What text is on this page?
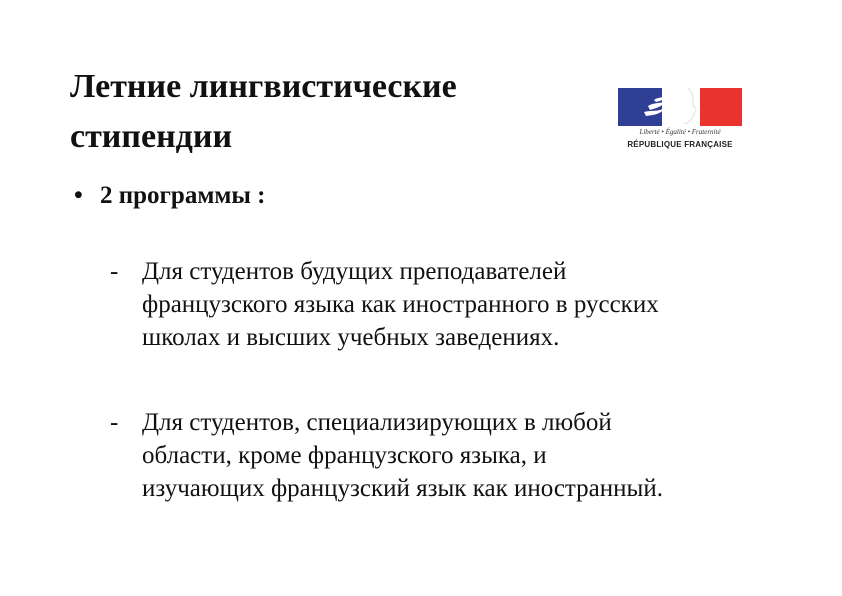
Летние лингвистические
стипендии	Liberté • Égalité • Fraternité
RÉPUBLIQUE FRANÇAISE
• 2 программы :
- Для студентов будущих преподавателей
французского языка как иностранного в русских
школах и высших учебных заведениях.
- Для студентов, специализирующих в любой
области, кроме французского языка, и
изучающих французский язык как иностранный.
